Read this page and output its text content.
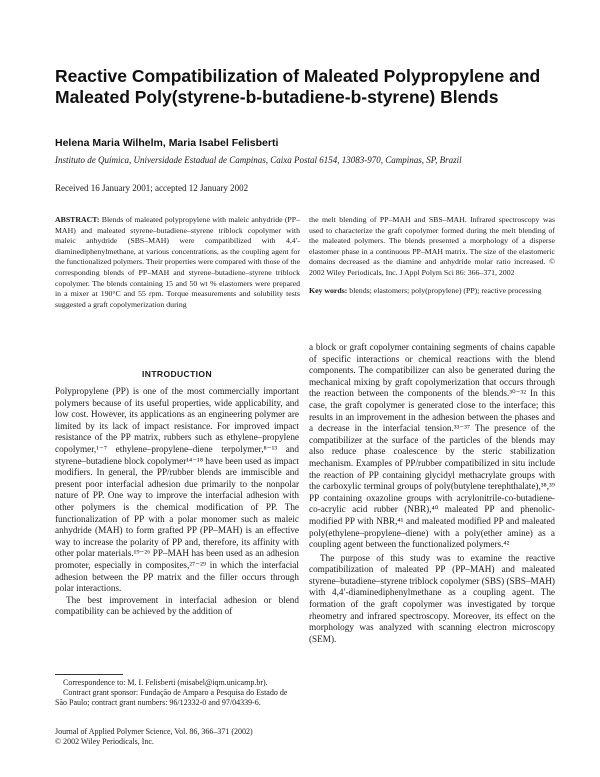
Reactive Compatibilization of Maleated Polypropylene and
Maleated Poly(styrene-b-butadiene-b-styrene) Blends
Helena Maria Wilhelm, Maria Isabel Felisberti
Instituto de Química, Universidade Estadual de Campinas, Caixa Postal 6154, 13083-970, Campinas, SP, Brazil
Received 16 January 2001; accepted 12 January 2002
ABSTRACT: Blends of maleated polypropylene with maleic anhydride (PP–MAH) and maleated styrene–butadiene–styrene triblock copolymer with maleic anhydride (SBS–MAH) were compatibilized with 4,4′-diaminediphenylmethane, at various concentrations, as the coupling agent for the functionalized polymers. Their properties were compared with those of the corresponding blends of PP–MAH and styrene–butadiene–styrene triblock copolymer. The blends containing 15 and 50 wt % elastomers were prepared in a mixer at 190°C and 55 rpm. Torque measurements and solubility tests suggested a graft copolymerization during
the melt blending of PP–MAH and SBS–MAH. Infrared spectroscopy was used to characterize the graft copolymer formed during the melt blending of the maleated polymers. The blends presented a morphology of a disperse elastomer phase in a continuous PP–MAH matrix. The size of the elastomeric domains decreased as the diamine and anhydride molar ratio increased. © 2002 Wiley Periodicals, Inc. J Appl Polym Sci 86: 366–371, 2002
Key words: blends; elastomers; poly(propylene) (PP); reactive processing
INTRODUCTION

Polypropylene (PP) is one of the most commercially important polymers because of its useful properties, wide applicability, and low cost. However, its applications as an engineering polymer are limited by its lack of impact resistance. For improved impact resistance of the PP matrix, rubbers such as ethylene–propylene copolymer,¹⁻⁷ ethylene–propylene–diene terpolymer,⁸⁻¹³ and styrene–butadiene block copolymer¹⁴⁻¹⁸ have been used as impact modifiers. In general, the PP/rubber blends are immiscible and present poor interfacial adhesion due primarily to the nonpolar nature of PP. One way to improve the interfacial adhesion with other polymers is the chemical modification of PP. The functionalization of PP with a polar monomer such as maleic anhydride (MAH) to form grafted PP (PP–MAH) is an effective way to increase the polarity of PP and, therefore, its affinity with other polar materials.¹⁹⁻²⁶ PP–MAH has been used as an adhesion promoter, especially in composites,²⁷⁻²⁹ in which the interfacial adhesion between the PP matrix and the filler occurs through polar interactions.

The best improvement in interfacial adhesion or blend compatibility can be achieved by the addition of

a block or graft copolymer containing segments of chains capable of specific interactions or chemical reactions with the blend components. The compatibilizer can also be generated during the mechanical mixing by graft copolymerization that occurs through the reaction between the components of the blends.³⁰⁻³² In this case, the graft copolymer is generated close to the interface; this results in an improvement in the adhesion between the phases and a decrease in the interfacial tension.³³⁻³⁷ The presence of the compatibilizer at the surface of the particles of the blends may also reduce phase coalescence by the steric stabilization mechanism. Examples of PP/rubber compatibilized in situ include the reaction of PP containing glycidyl methacrylate groups with the carboxylic terminal groups of poly(butylene terephthalate),³⁸,³⁹ PP containing oxazoline groups with acrylonitrile-co-butadiene-co-acrylic acid rubber (NBR),⁴⁰ maleated PP and phenolic-modified PP with NBR,⁴¹ and maleated modified PP and maleated poly(ethylene–propylene–diene) with a poly(ether amine) as a coupling agent between the functionalized polymers.⁴²

The purpose of this study was to examine the reactive compatibilization of maleated PP (PP–MAH) and maleated styrene–butadiene–styrene triblock copolymer (SBS) (SBS–MAH) with 4,4′-diaminediphenylmethane as a coupling agent. The formation of the graft copolymer was investigated by torque rheometry and infrared spectroscopy. Moreover, its effect on the morphology was analyzed with scanning electron microscopy (SEM).

Correspondence to: M. I. Felisberti (misabel@iqm.unicamp.br).
Contract grant sponsor: Fundação de Amparo a Pesquisa do Estado de São Paulo; contract grant numbers: 96/12332-0 and 97/04339-6.
Journal of Applied Polymer Science, Vol. 86, 366–371 (2002)
© 2002 Wiley Periodicals, Inc.
